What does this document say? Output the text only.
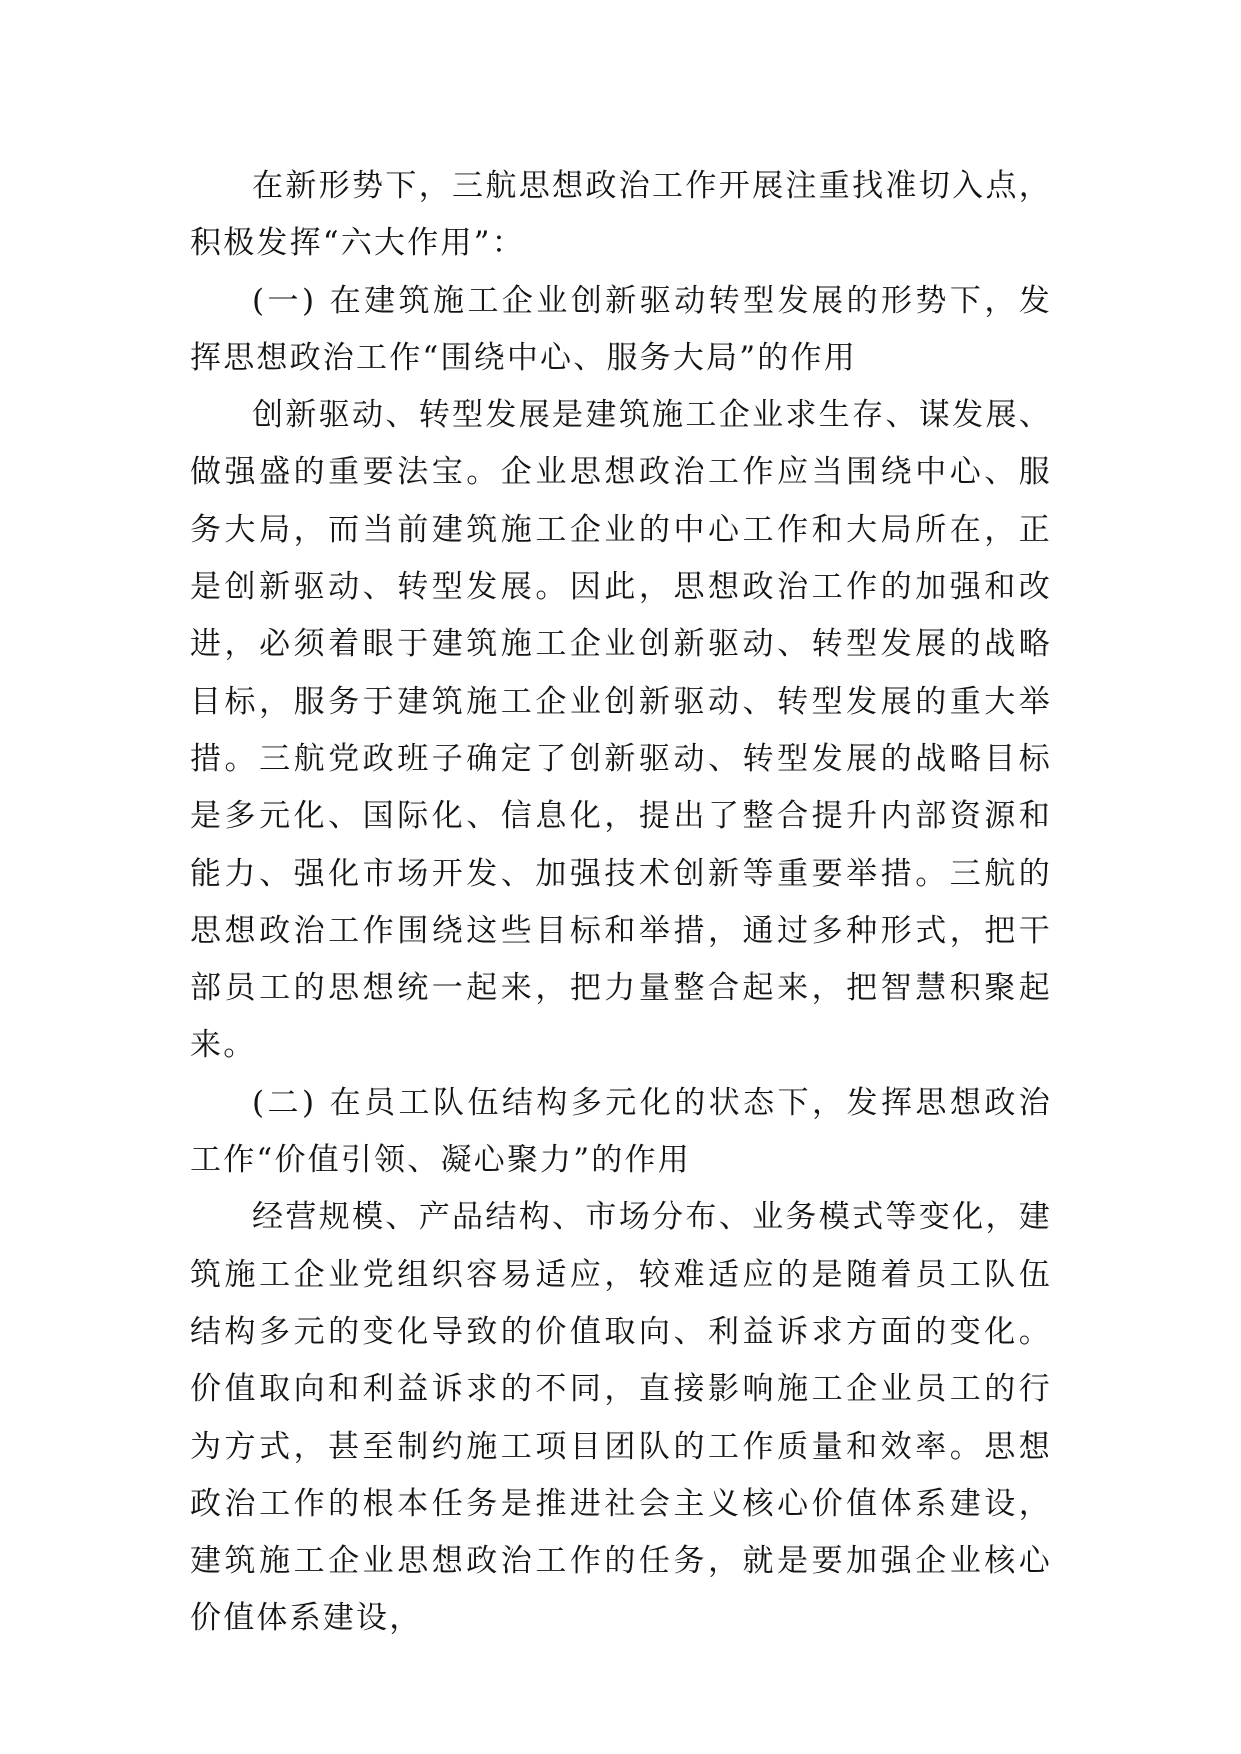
在新形势下，三航思想政治工作开展注重找准切入点，积极发挥“六大作用”：

(一) 在建筑施工企业创新驱动转型发展的形势下，发挥思想政治工作“围绕中心、服务大局”的作用

创新驱动、转型发展是建筑施工企业求生存、谋发展、做强盛的重要法宝。企业思想政治工作应当围绕中心、服务大局，而当前建筑施工企业的中心工作和大局所在，正是创新驱动、转型发展。因此，思想政治工作的加强和改进，必须着眼于建筑施工企业创新驱动、转型发展的战略目标，服务于建筑施工企业创新驱动、转型发展的重大举措。三航党政班子确定了创新驱动、转型发展的战略目标是多元化、国际化、信息化，提出了整合提升内部资源和能力、强化市场开发、加强技术创新等重要举措。三航的思想政治工作围绕这些目标和举措，通过多种形式，把干部员工的思想统一起来，把力量整合起来，把智慧积聚起来。

(二) 在员工队伍结构多元化的状态下，发挥思想政治工作“价值引领、凝心聚力”的作用

经营规模、产品结构、市场分布、业务模式等变化，建筑施工企业党组织容易适应，较难适应的是随着员工队伍结构多元的变化导致的价值取向、利益诉求方面的变化。价值取向和利益诉求的不同，直接影响施工企业员工的行为方式，甚至制约施工项目团队的工作质量和效率。思想政治工作的根本任务是推进社会主义核心价值体系建设，建筑施工企业思想政治工作的任务，就是要加强企业核心价值体系建设，
